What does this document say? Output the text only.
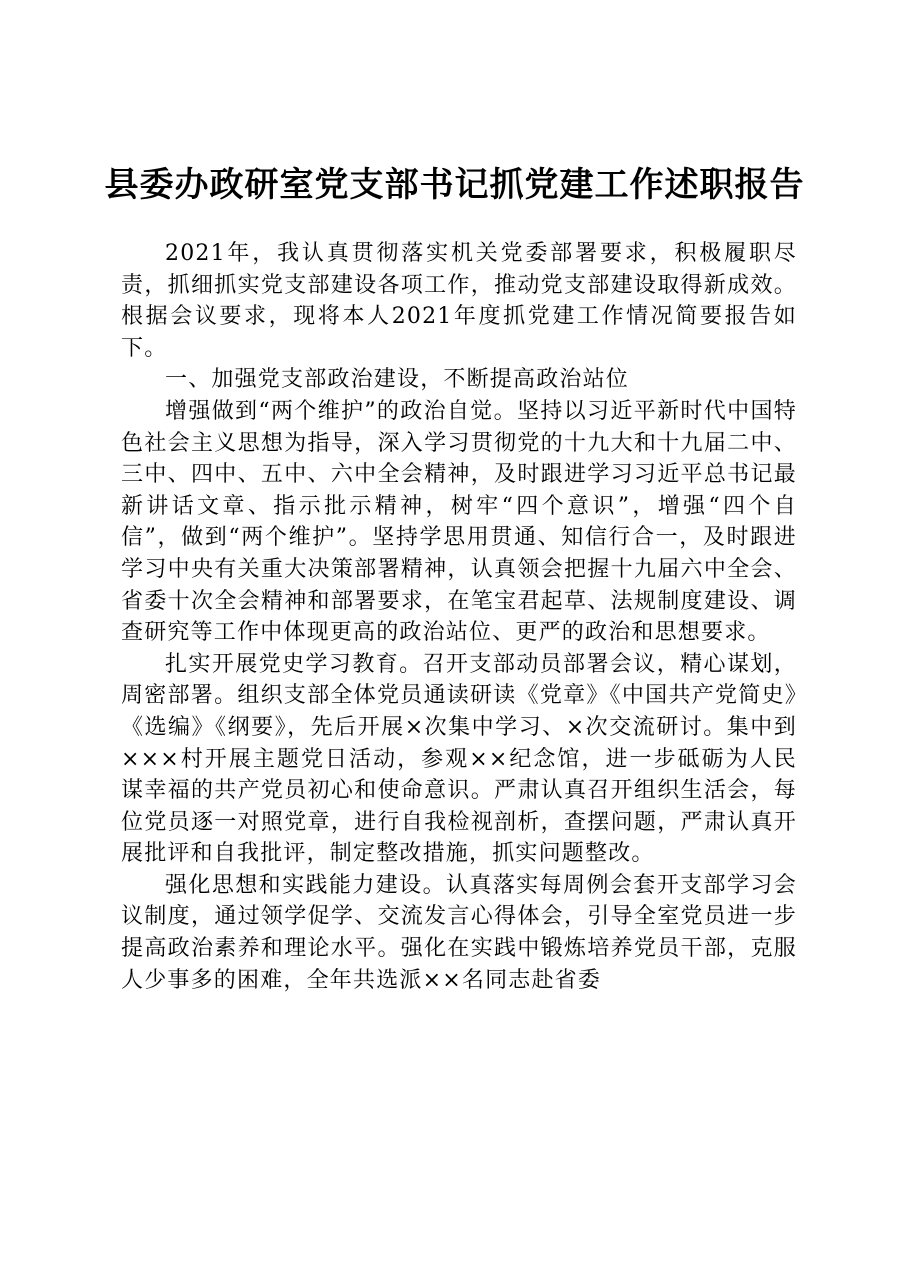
县委办政研室党支部书记抓党建工作述职报告

2021年，我认真贯彻落实机关党委部署要求，积极履职尽责，抓细抓实党支部建设各项工作，推动党支部建设取得新成效。根据会议要求，现将本人2021年度抓党建工作情况简要报告如下。

一、加强党支部政治建设，不断提高政治站位

增强做到“两个维护”的政治自觉。坚持以习近平新时代中国特色社会主义思想为指导，深入学习贯彻党的十九大和十九届二中、三中、四中、五中、六中全会精神，及时跟进学习习近平总书记最新讲话文章、指示批示精神，树牢“四个意识”，增强“四个自信”，做到“两个维护”。坚持学思用贯通、知信行合一，及时跟进学习中央有关重大决策部署精神，认真领会把握十九届六中全会、省委十次全会精神和部署要求，在笔宝君起草、法规制度建设、调查研究等工作中体现更高的政治站位、更严的政治和思想要求。

扎实开展党史学习教育。召开支部动员部署会议，精心谋划，周密部署。组织支部全体党员通读研读《党章》《中国共产党简史》《选编》《纲要》，先后开展×次集中学习、×次交流研讨。集中到×××村开展主题党日活动，参观××纪念馆，进一步砥砺为人民谋幸福的共产党员初心和使命意识。严肃认真召开组织生活会，每位党员逐一对照党章，进行自我检视剖析，查摆问题，严肃认真开展批评和自我批评，制定整改措施，抓实问题整改。

强化思想和实践能力建设。认真落实每周例会套开支部学习会议制度，通过领学促学、交流发言心得体会，引导全室党员进一步提高政治素养和理论水平。强化在实践中锻炼培养党员干部，克服人少事多的困难，全年共选派××名同志赴省委
